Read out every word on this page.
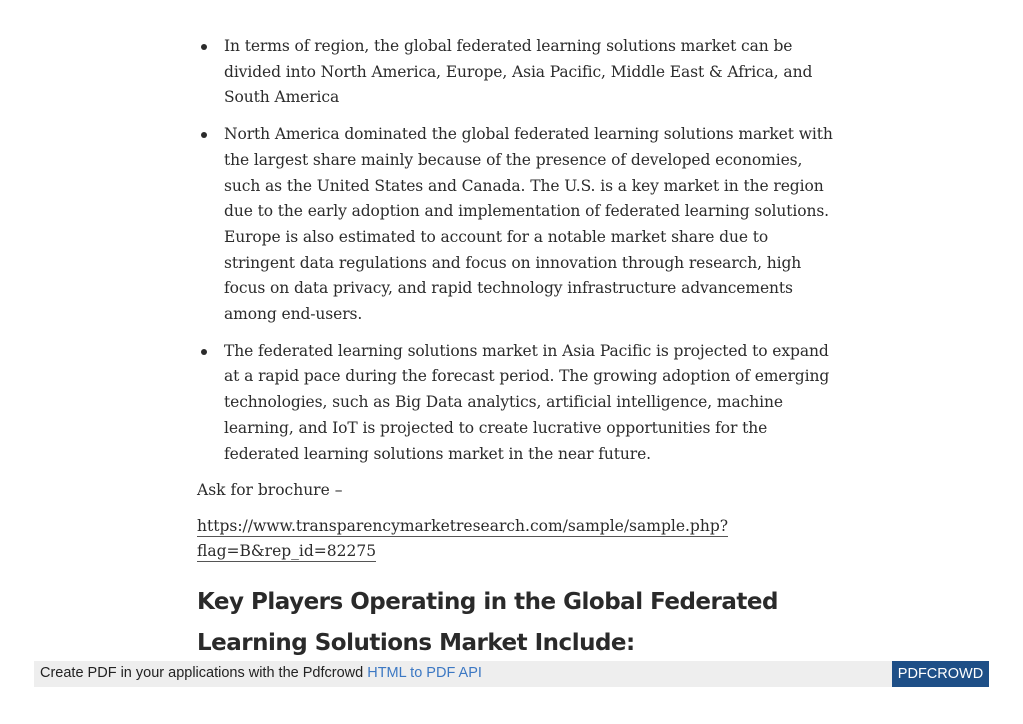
In terms of region, the global federated learning solutions market can be divided into North America, Europe, Asia Pacific, Middle East & Africa, and South America
North America dominated the global federated learning solutions market with the largest share mainly because of the presence of developed economies, such as the United States and Canada. The U.S. is a key market in the region due to the early adoption and implementation of federated learning solutions. Europe is also estimated to account for a notable market share due to stringent data regulations and focus on innovation through research, high focus on data privacy, and rapid technology infrastructure advancements among end-users.
The federated learning solutions market in Asia Pacific is projected to expand at a rapid pace during the forecast period. The growing adoption of emerging technologies, such as Big Data analytics, artificial intelligence, machine learning, and IoT is projected to create lucrative opportunities for the federated learning solutions market in the near future.
Ask for brochure –
https://www.transparencymarketresearch.com/sample/sample.php?
flag=B&rep_id=82275
Key Players Operating in the Global Federated Learning Solutions Market Include:
Create PDF in your applications with the Pdfcrowd HTML to PDF API	PDFCROWD
